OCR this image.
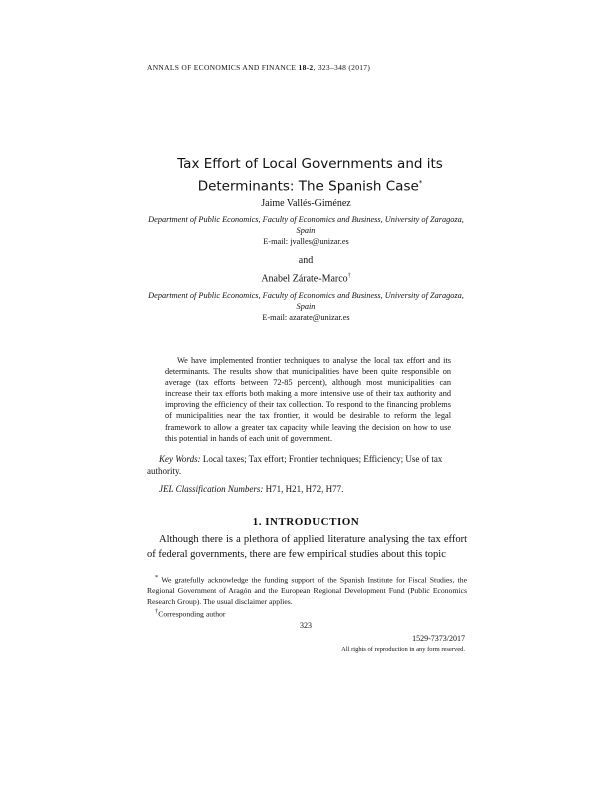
ANNALS OF ECONOMICS AND FINANCE 18-2, 323–348 (2017)
Tax Effort of Local Governments and its Determinants: The Spanish Case*
Jaime Vallés-Giménez
Department of Public Economics, Faculty of Economics and Business, University of Zaragoza, Spain
E-mail: jvalles@unizar.es
and
Anabel Zárate-Marco†
Department of Public Economics, Faculty of Economics and Business, University of Zaragoza, Spain
E-mail: azarate@unizar.es
We have implemented frontier techniques to analyse the local tax effort and its determinants. The results show that municipalities have been quite responsible on average (tax efforts between 72-85 percent), although most municipalities can increase their tax efforts both making a more intensive use of their tax authority and improving the efficiency of their tax collection. To respond to the financing problems of municipalities near the tax frontier, it would be desirable to reform the legal framework to allow a greater tax capacity while leaving the decision on how to use this potential in hands of each unit of government.
Key Words: Local taxes; Tax effort; Frontier techniques; Efficiency; Use of tax authority.
JEL Classification Numbers: H71, H21, H72, H77.
1. INTRODUCTION
Although there is a plethora of applied literature analysing the tax effort of federal governments, there are few empirical studies about this topic

* We gratefully acknowledge the funding support of the Spanish Institute for Fiscal Studies, the Regional Government of Aragón and the European Regional Development Fund (Public Economics Research Group). The usual disclaimer applies.

†Corresponding author

323
1529-7373/2017
All rights of reproduction in any form reserved.
